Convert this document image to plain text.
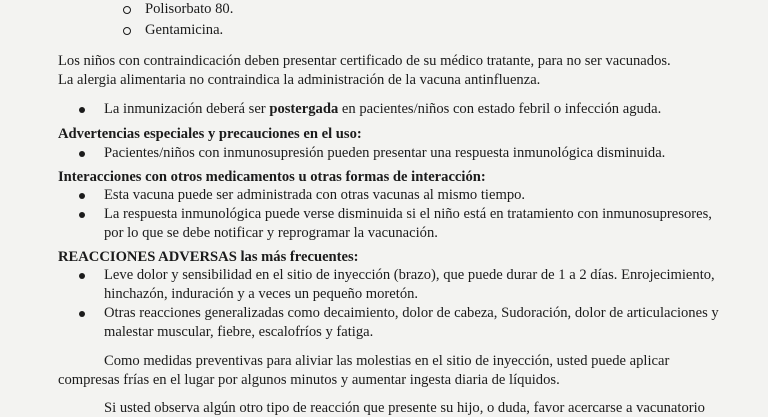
Polisorbato 80.
Gentamicina.
Los niños con contraindicación deben presentar certificado de su médico tratante, para no ser vacunados.
La alergia alimentaria no contraindica la administración de la vacuna antinfluenza.
La inmunización deberá ser postergada en pacientes/niños con estado febril o infección aguda.
Advertencias especiales y precauciones en el uso:
Pacientes/niños con inmunosupresión pueden presentar una respuesta inmunológica disminuida.
Interacciones con otros medicamentos u otras formas de interacción:
Esta vacuna puede ser administrada con otras vacunas al mismo tiempo.
La respuesta inmunológica puede verse disminuida si el niño está en tratamiento con inmunosupresores,
por lo que se debe notificar y reprogramar la vacunación.
REACCIONES ADVERSAS las más frecuentes:
Leve dolor y sensibilidad en el sitio de inyección (brazo), que puede durar de 1 a 2 días. Enrojecimiento,
hinchazón, induración y a veces un pequeño moretón.
Otras reacciones generalizadas como decaimiento, dolor de cabeza, Sudoración, dolor de articulaciones y
malestar muscular, fiebre, escalofríos y fatiga.
Como medidas preventivas para aliviar las molestias en el sitio de inyección, usted puede aplicar
compresas frías en el lugar por algunos minutos y aumentar ingesta diaria de líquidos.
Si usted observa algún otro tipo de reacción que presente su hijo, o duda, favor acercarse a vacunatorio
